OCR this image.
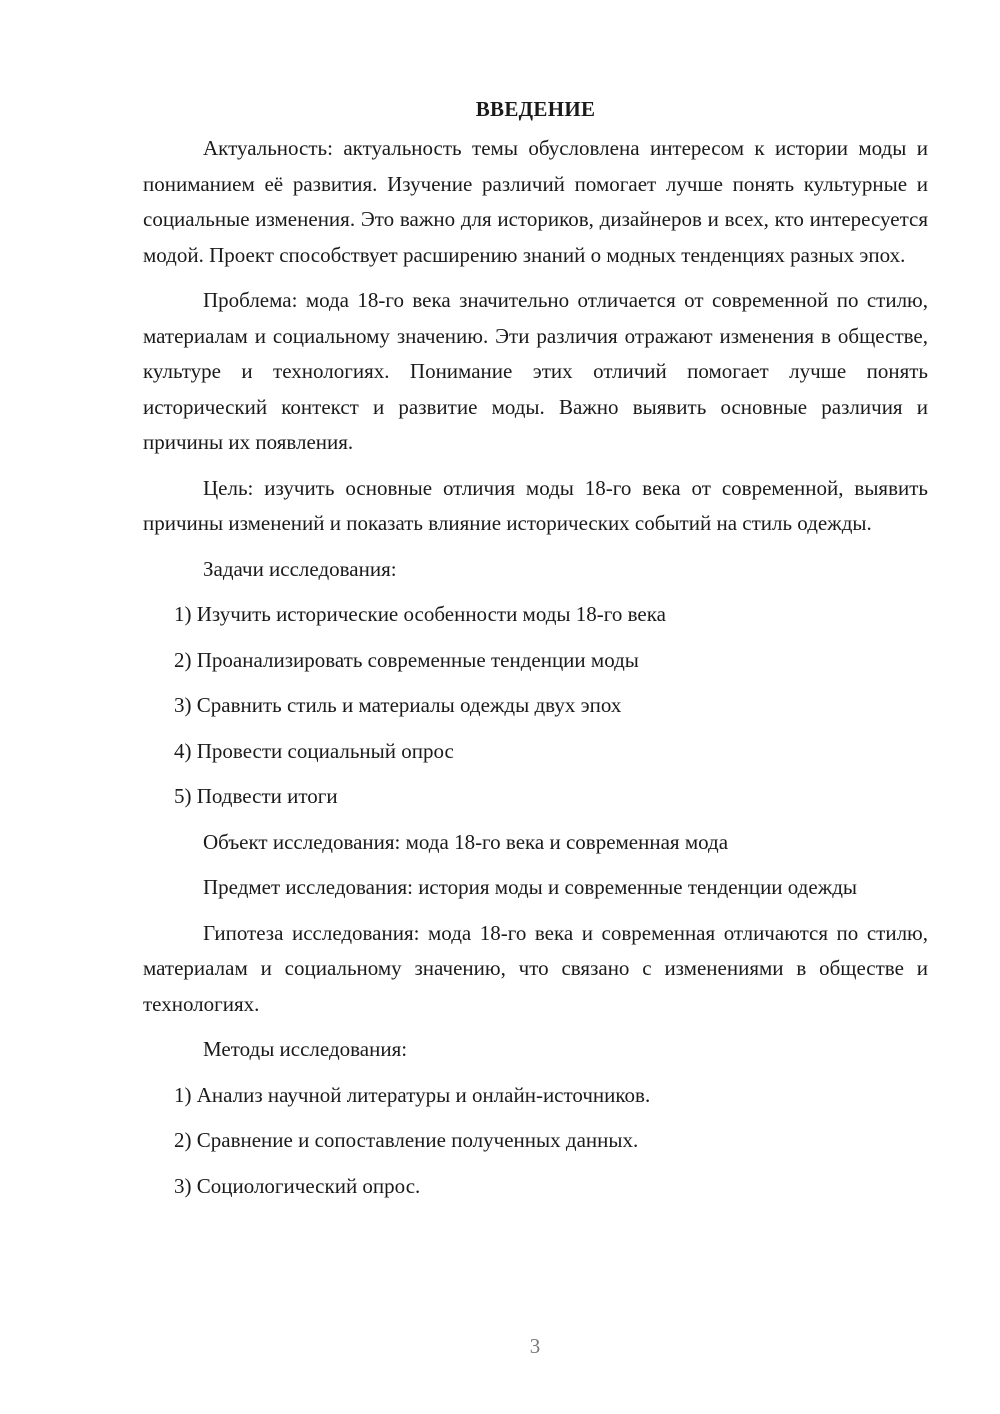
ВВЕДЕНИЕ

Актуальность: актуальность темы обусловлена интересом к истории моды и пониманием её развития. Изучение различий помогает лучше понять культурные и социальные изменения. Это важно для историков, дизайнеров и всех, кто интересуется модой. Проект способствует расширению знаний о модных тенденциях разных эпох.

Проблема: мода 18-го века значительно отличается от современной по стилю, материалам и социальному значению. Эти различия отражают изменения в обществе, культуре и технологиях. Понимание этих отличий помогает лучше понять исторический контекст и развитие моды. Важно выявить основные различия и причины их появления.

Цель: изучить основные отличия моды 18-го века от современной, выявить причины изменений и показать влияние исторических событий на стиль одежды.

Задачи исследования:

1) Изучить исторические особенности моды 18-го века
2) Проанализировать современные тенденции моды
3) Сравнить стиль и материалы одежды двух эпох
4) Провести социальный опрос
5) Подвести итоги

Объект исследования: мода 18-го века и современная мода

Предмет исследования: история моды и современные тенденции одежды

Гипотеза исследования: мода 18-го века и современная отличаются по стилю, материалам и социальному значению, что связано с изменениями в обществе и технологиях.

Методы исследования:

1) Анализ научной литературы и онлайн-источников.
2) Сравнение и сопоставление полученных данных.
3) Социологический опрос.
3
